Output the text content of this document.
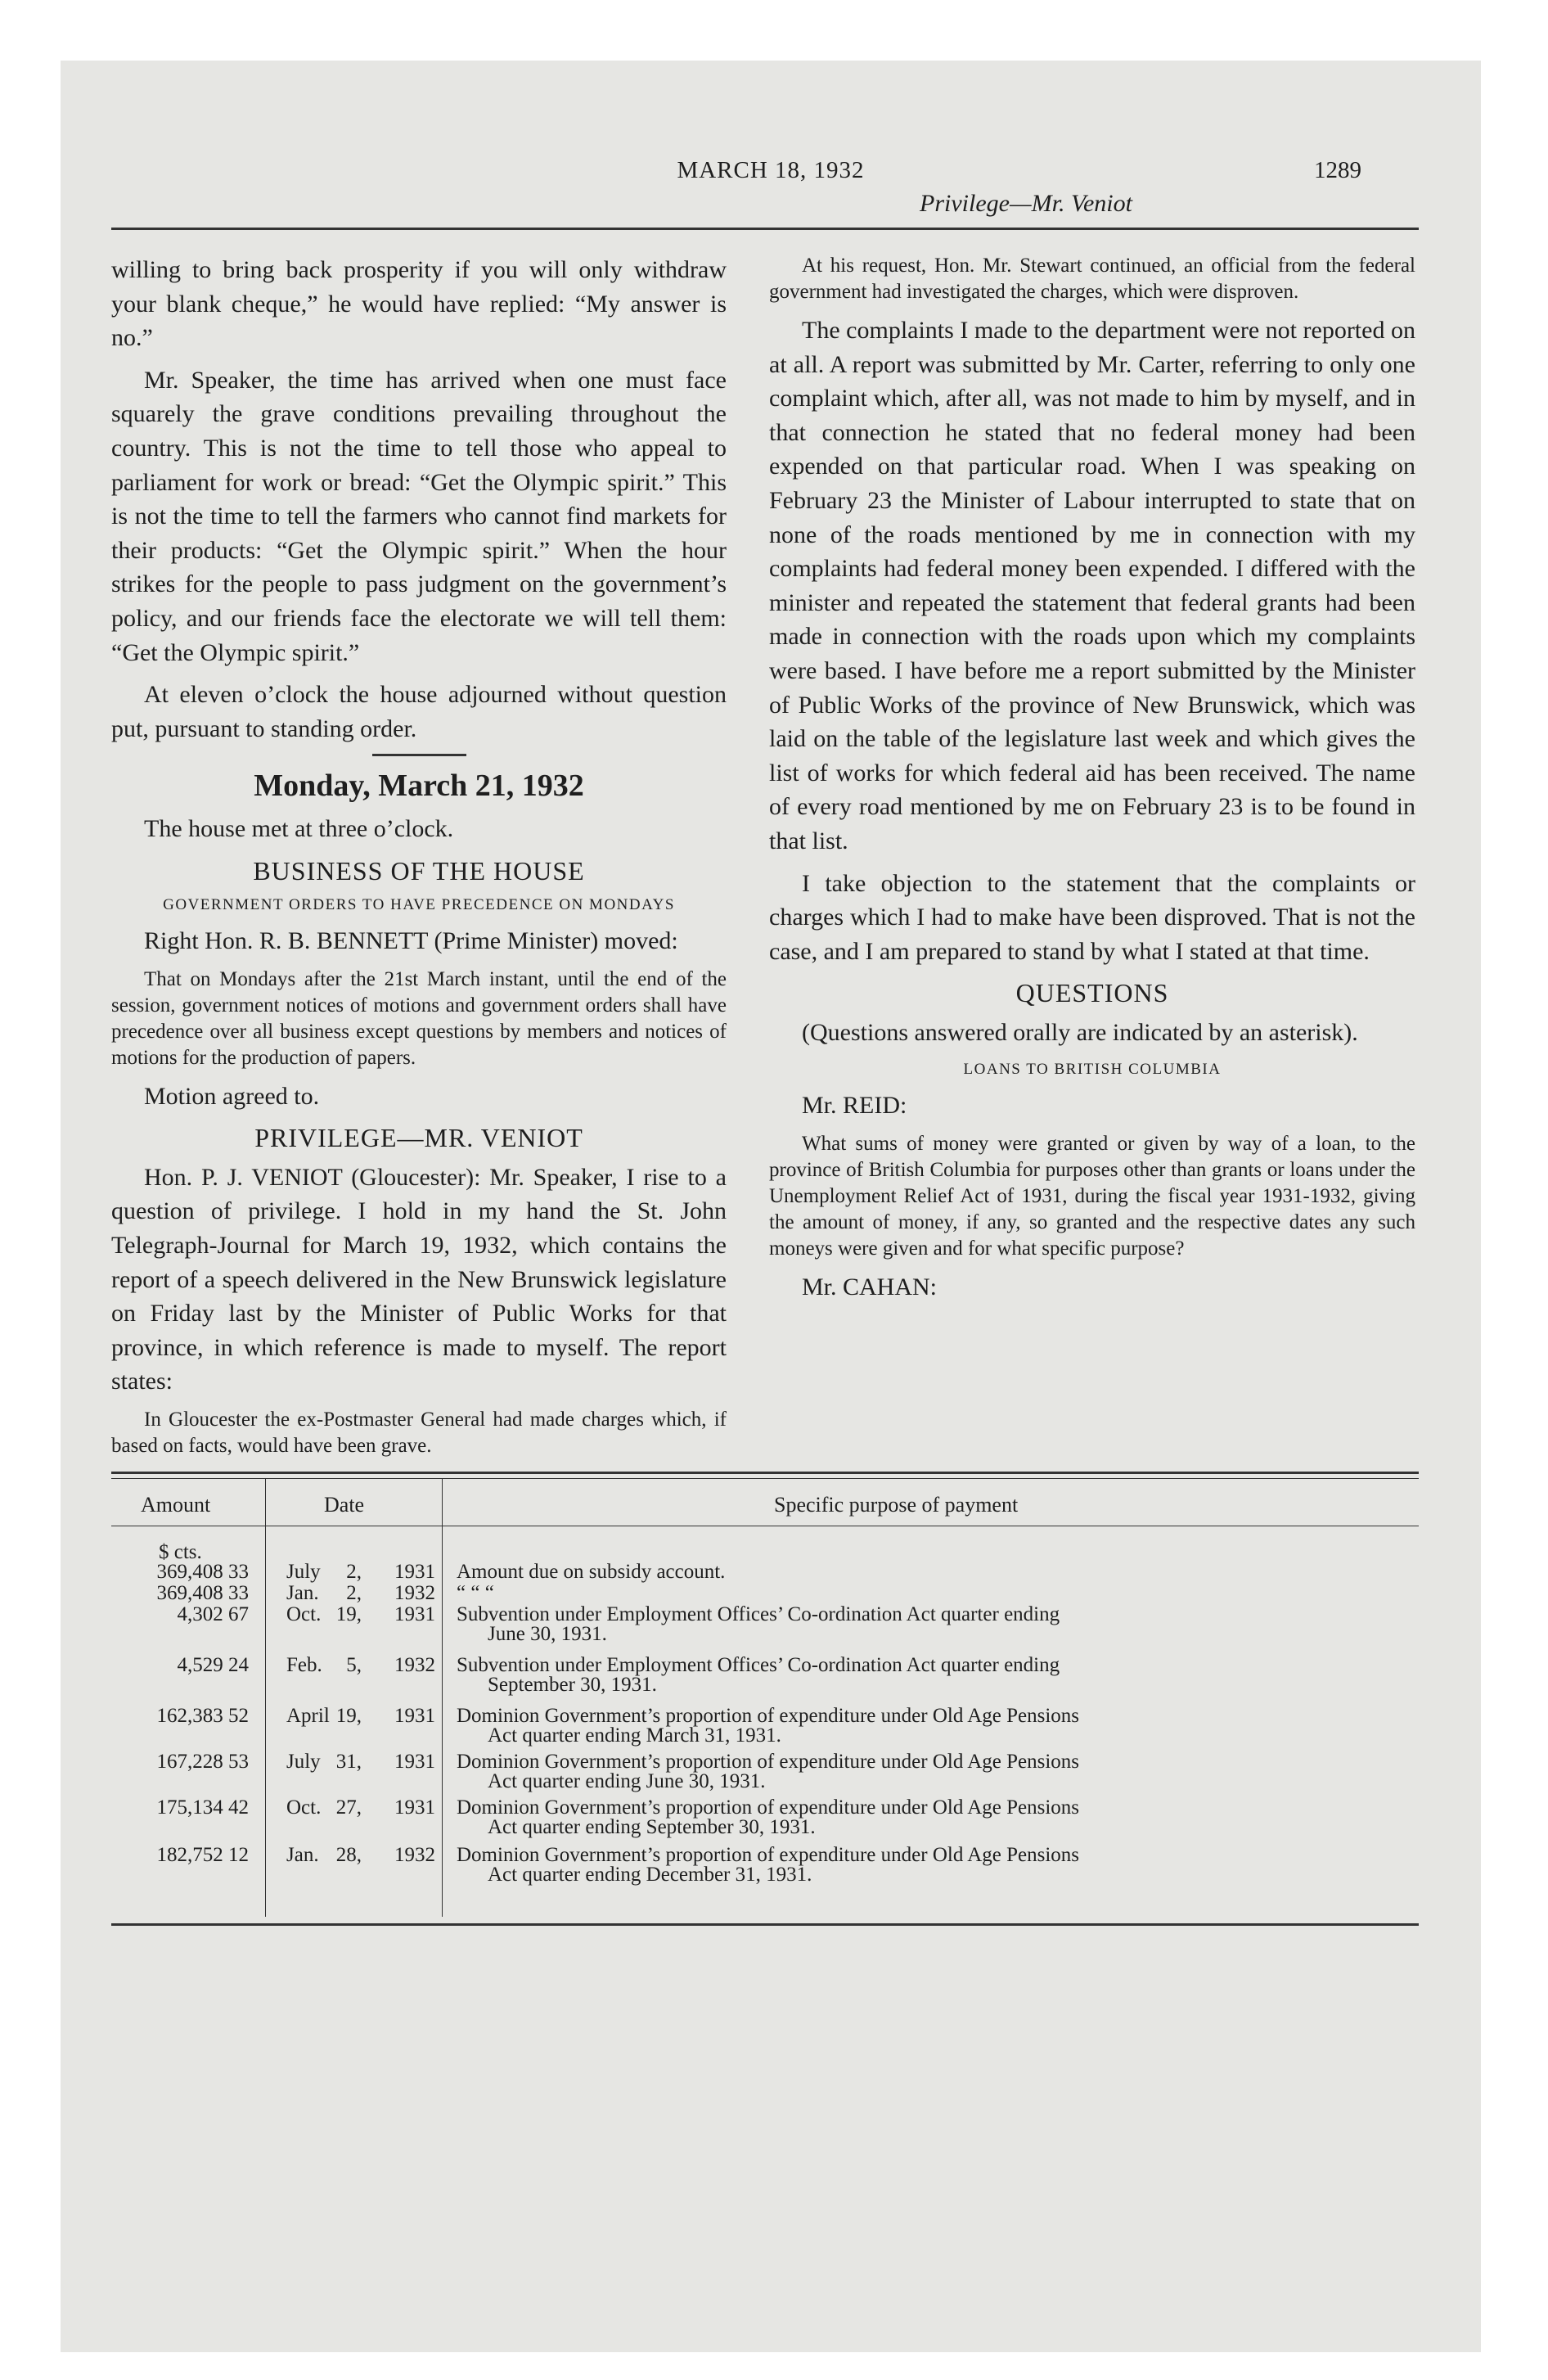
MARCH 18, 1932	1289
Privilege—Mr. Veniot

willing to bring back prosperity if you will only withdraw your blank cheque,” he would have replied: “My answer is no.”

Mr. Speaker, the time has arrived when one must face squarely the grave conditions prevailing throughout the country. This is not the time to tell those who appeal to parliament for work or bread: “Get the Olympic spirit.” This is not the time to tell the farmers who cannot find markets for their products: “Get the Olympic spirit.” When the hour strikes for the people to pass judgment on the government’s policy, and our friends face the electorate we will tell them: “Get the Olympic spirit.”

At eleven o’clock the house adjourned without question put, pursuant to standing order.

Monday, March 21, 1932

The house met at three o’clock.

BUSINESS OF THE HOUSE
GOVERNMENT ORDERS TO HAVE PRECEDENCE ON MONDAYS

Right Hon. R. B. BENNETT (Prime Minister) moved:

That on Mondays after the 21st March instant, until the end of the session, government notices of motions and government orders shall have precedence over all business except questions by members and notices of motions for the production of papers.

Motion agreed to.

PRIVILEGE—MR. VENIOT

Hon. P. J. VENIOT (Gloucester): Mr. Speaker, I rise to a question of privilege. I hold in my hand the St. John Telegraph-Journal for March 19, 1932, which contains the report of a speech delivered in the New Brunswick legislature on Friday last by the Minister of Public Works for that province, in which reference is made to myself. The report states:

In Gloucester the ex-Postmaster General had made charges which, if based on facts, would have been grave.

At his request, Hon. Mr. Stewart continued, an official from the federal government had investigated the charges, which were disproven.

The complaints I made to the department were not reported on at all. A report was submitted by Mr. Carter, referring to only one complaint which, after all, was not made to him by myself, and in that connection he stated that no federal money had been expended on that particular road. When I was speaking on February 23 the Minister of Labour interrupted to state that on none of the roads mentioned by me in connection with my complaints had federal money been expended. I differed with the minister and repeated the statement that federal grants had been made in connection with the roads upon which my complaints were based. I have before me a report submitted by the Minister of Public Works of the province of New Brunswick, which was laid on the table of the legislature last week and which gives the list of works for which federal aid has been received. The name of every road mentioned by me on February 23 is to be found in that list.

I take objection to the statement that the complaints or charges which I had to make have been disproved. That is not the case, and I am prepared to stand by what I stated at that time.

QUESTIONS

(Questions answered orally are indicated by an asterisk).

LOANS TO BRITISH COLUMBIA

Mr. REID:

What sums of money were granted or given by way of a loan, to the province of British Columbia for purposes other than grants or loans under the Unemployment Relief Act of 1931, during the fiscal year 1931-1932, giving the amount of money, if any, so granted and the respective dates any such moneys were given and for what specific purpose?

Mr. CAHAN:

Amount	Date	Specific purpose of payment
$ cts.
369,408 33 July	2,	1931 Amount due on subsidy account.
369,408 33 Jan.	2,	1932 “ “ “
4,302 67 Oct. 19,	1931 Subvention under Employment Offices’ Co-ordination Act quarter ending
June 30, 1931.
4,529 24 Feb.	5,	1932 Subvention under Employment Offices’ Co-ordination Act quarter ending
September 30, 1931.
162,383 52 April 19,	1931 Dominion Government’s proportion of expenditure under Old Age Pensions
Act quarter ending March 31, 1931.
167,228 53 July 31,	1931 Dominion Government’s proportion of expenditure under Old Age Pensions
Act quarter ending June 30, 1931.
175,134 42 Oct. 27,	1931 Dominion Government’s proportion of expenditure under Old Age Pensions
Act quarter ending September 30, 1931.
182,752 12 Jan. 28,	1932 Dominion Government’s proportion of expenditure under Old Age Pensions
Act quarter ending December 31, 1931.
